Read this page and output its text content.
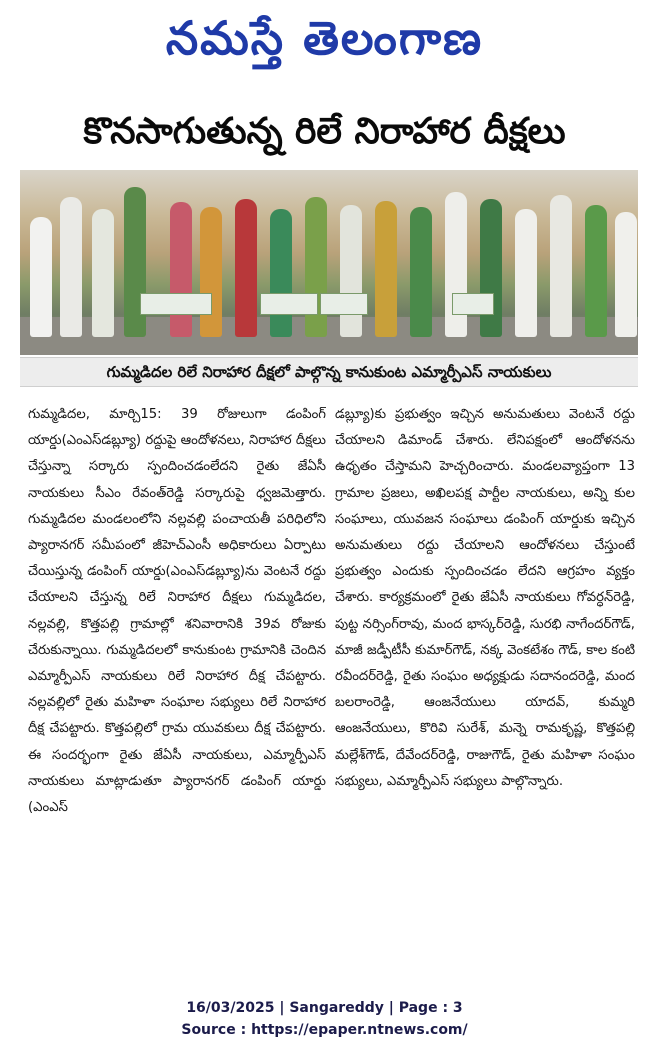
నమస్తే తెలంగాణ
కొనసాగుతున్న రిలే నిరాహార దీక్షలు
గుమ్మడిదల రిలే నిరాహార దీక్షలో పాల్గొన్న కానుకుంట ఎమ్మార్పీఎస్ నాయకులు
గుమ్మడిదల, మార్చి15: 39 రోజులుగా డంపింగ్ యార్డు(ఎంఎస్‌డబ్ల్యూ) రద్దుపై ఆందోళనలు, నిరాహార దీక్షలు చేస్తున్నా సర్కారు స్పందించడంలేదని రైతు జేఏసీ నాయకులు సీఎం రేవంత్‌రెడ్డి సర్కారుపై ధ్వజమెత్తారు. గుమ్మడిదల మండలంలోని నల్లవల్లి పంచాయతీ పరిధిలోని ప్యారానగర్ సమీపంలో జీహెచ్‌ఎంసీ అధికారులు ఏర్పాటు చేయిస్తున్న డంపింగ్ యార్డు(ఎంఎస్‌డబ్ల్యూ)ను వెంటనే రద్దు చేయాలని చేస్తున్న రిలే నిరాహార దీక్షలు గుమ్మడిదల, నల్లవల్లి, కొత్తపల్లి గ్రామాల్లో శనివారానికి 39వ రోజుకు చేరుకున్నాయి. గుమ్మడిదలలో కానుకుంట గ్రామానికి చెందిన ఎమ్మార్పీఎస్ నాయకులు రిలే నిరాహార దీక్ష చేపట్టారు. నల్లవల్లిలో రైతు మహిళా సంఘాల సభ్యులు రిలే నిరాహార దీక్ష చేపట్టారు. కొత్తపల్లిలో గ్రామ యువకులు దీక్ష చేపట్టారు. ఈ సందర్భంగా రైతు జేఏసీ నాయకులు, ఎమ్మార్పీఎస్ నాయకులు మాట్లాడుతూ ప్యారానగర్ డంపింగ్ యార్డు (ఎంఎస్
డబ్ల్యూ)కు ప్రభుత్వం ఇచ్చిన అనుమతులు వెంటనే రద్దు చేయాలని డిమాండ్ చేశారు. లేనిపక్షంలో ఆందోళనను ఉధృతం చేస్తామని హెచ్చరించారు. మండలవ్యాప్తంగా 13 గ్రామాల ప్రజలు, అఖిలపక్ష పార్టీల నాయకులు, అన్ని కుల సంఘాలు, యువజన సంఘాలు డంపింగ్ యార్డుకు ఇచ్చిన అనుమతులు రద్దు చేయాలని ఆందోళనలు చేస్తుంటే ప్రభుత్వం ఎందుకు స్పందించడం లేదని ఆగ్రహం వ్యక్తం చేశారు. కార్యక్రమంలో రైతు జేఏసీ నాయకులు గోవర్ధన్‌రెడ్డి, పుట్ట నర్సింగ్‌రావు, మంద భాస్కర్‌రెడ్డి, సురభి నాగేందర్‌గౌడ్, మాజీ జడ్పీటీసీ కుమార్‌గౌడ్, నక్క వెంకటేశం గౌడ్, కాల కంటి రవీందర్‌రెడ్డి, రైతు సంఘం అధ్యక్షుడు సదానందరెడ్డి, మంద బలరాంరెడ్డి, ఆంజనేయులు యాదవ్, కుమ్మరి ఆంజనేయులు, కొరివి సురేశ్, మన్నె రామకృష్ణ, కొత్తపల్లి మల్లేశ్‌గౌడ్, దేవేందర్‌రెడ్డి, రాజుగౌడ్, రైతు మహిళా సంఘం సభ్యులు, ఎమ్మార్పీఎస్ సభ్యులు పాల్గొన్నారు.
16/03/2025 | Sangareddy | Page : 3
Source : https://epaper.ntnews.com/
